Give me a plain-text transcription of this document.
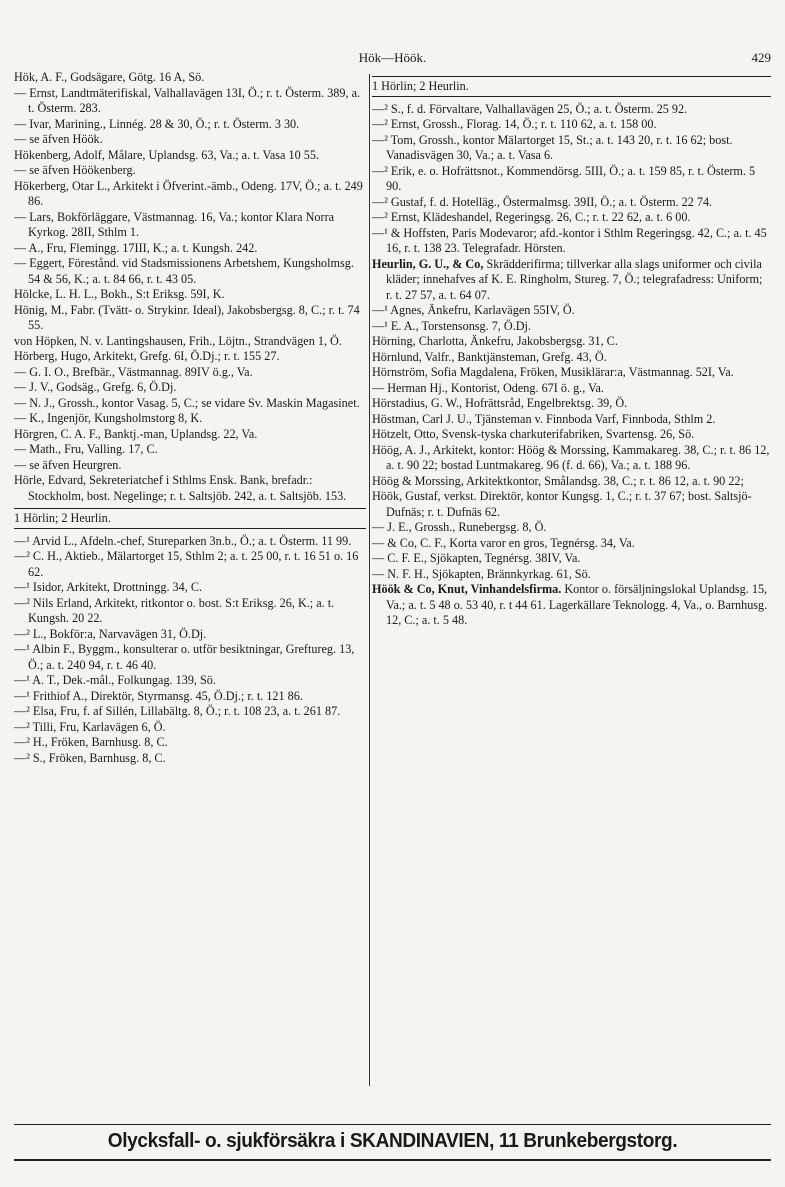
Hök—Höök.	429

Hök, A. F., Godsägare, Götg. 16 A, Sö.

— Ernst, Landtmäterifiskal, Valhallavägen 13I, Ö.; r. t. Österm. 389, a. t. Österm. 283.

— Ivar, Marining., Linnég. 28 & 30, Ö.; r. t. Österm. 3 30.

— se äfven Höök.

Hökenberg, Adolf, Målare, Uplandsg. 63, Va.; a. t. Vasa 10 55.

— se äfven Höökenberg.

Hökerberg, Otar L., Arkitekt i Öfverint.-ämb., Odeng. 17V, Ö.; a. t. 249 86.

— Lars, Bokförläggare, Västmannag. 16, Va.; kontor Klara Norra Kyrkog. 28II, Sthlm 1.

— A., Fru, Flemingg. 17III, K.; a. t. Kungsh. 242.

— Eggert, Förestånd. vid Stadsmissionens Arbetshem, Kungsholmsg. 54 & 56, K.; a. t. 84 66, r. t. 43 05.

Hölcke, L. H. L., Bokh., S:t Eriksg. 59I, K.

Hönig, M., Fabr. (Tvätt- o. Strykinr. Ideal), Jakobsbergsg. 8, C.; r. t. 74 55.

von Höpken, N. v. Lantingshausen, Frih., Löjtn., Strandvägen 1, Ö.

Hörberg, Hugo, Arkitekt, Grefg. 6I, Ö.Dj.; r. t. 155 27.

— G. I. O., Brefbär., Västmannag. 89IV ö.g., Va.

— J. V., Godsäg., Grefg. 6, Ö.Dj.

— N. J., Grossh., kontor Vasag. 5, C.; se vidare Sv. Maskin Magasinet.

— K., Ingenjör, Kungsholmstorg 8, K.

Hörgren, C. A. F., Banktj.-man, Uplandsg. 22, Va.

— Math., Fru, Valling. 17, C.

— se äfven Heurgren.

Hörle, Edvard, Sekreteriatchef i Sthlms Ensk. Bank, brefadr.: Stockholm, bost. Negelinge; r. t. Saltsjöb. 242, a. t. Saltsjöb. 153.

1 Hörlin; 2 Heurlin.

—¹ Arvid L., Afdeln.-chef, Stureparken 3n.b., Ö.; a. t. Österm. 11 99.

—² C. H., Aktieb., Mälartorget 15, Sthlm 2; a. t. 25 00, r. t. 16 51 o. 16 62.

—¹ Isidor, Arkitekt, Drottningg. 34, C.

—² Nils Erland, Arkitekt, ritkontor o. bost. S:t Eriksg. 26, K.; a. t. Kungsh. 20 22.

—² L., Bokför:a, Narvavägen 31, Ö.Dj.

—¹ Albin F., Byggm., konsulterar o. utför besiktningar, Greftureg. 13, Ö.; a. t. 240 94, r. t. 46 40.

—¹ A. T., Dek.-mål., Folkungag. 139, Sö.

—¹ Frithiof A., Direktör, Styrmansg. 45, Ö.Dj.; r. t. 121 86.

—² Elsa, Fru, f. af Sillén, Lillabältg. 8, Ö.; r. t. 108 23, a. t. 261 87.

—² Tilli, Fru, Karlavägen 6, Ö.

—² H., Fröken, Barnhusg. 8, C.

—² S., Fröken, Barnhusg. 8, C.

1 Hörlin; 2 Heurlin.

—² S., f. d. Förvaltare, Valhallavägen 25, Ö.; a. t. Österm. 25 92.

—² Ernst, Grossh., Florag. 14, Ö.; r. t. 110 62, a. t. 158 00.

—² Tom, Grossh., kontor Mälartorget 15, St.; a. t. 143 20, r. t. 16 62; bost. Vanadisvägen 30, Va.; a. t. Vasa 6.

—² Erik, e. o. Hofrättsnot., Kommendörsg. 5III, Ö.; a. t. 159 85, r. t. Österm. 5 90.

—² Gustaf, f. d. Hotelläg., Östermalmsg. 39II, Ö.; a. t. Österm. 22 74.

—² Ernst, Klädeshandel, Regeringsg. 26, C.; r. t. 22 62, a. t. 6 00.

—¹ & Hoffsten, Paris Modevaror; afd.-kontor i Sthlm Regeringsg. 42, C.; a. t. 45 16, r. t. 138 23. Telegrafadr. Hörsten.

Heurlin, G. U., & Co, Skrädderifirma; tillverkar alla slags uniformer och civila kläder; innehafves af K. E. Ringholm, Stureg. 7, Ö.; telegrafadress: Uniform; r. t. 27 57, a. t. 64 07.

—¹ Agnes, Änkefru, Karlavägen 55IV, Ö.

—¹ E. A., Torstensonsg. 7, Ö.Dj.

Hörning, Charlotta, Änkefru, Jakobsbergsg. 31, C.

Hörnlund, Valfr., Banktjänsteman, Grefg. 43, Ö.

Hörnström, Sofia Magdalena, Fröken, Musiklärar:a, Västmannag. 52I, Va.

— Herman Hj., Kontorist, Odeng. 67I ö. g., Va.

Hörstadius, G. W., Hofrättsråd, Engelbrektsg. 39, Ö.

Höstman, Carl J. U., Tjänsteman v. Finnboda Varf, Finnboda, Sthlm 2.

Hötzelt, Otto, Svensk-tyska charkuterifabriken, Svartensg. 26, Sö.

Höög, A. J., Arkitekt, kontor: Höög & Morssing, Kammakareg. 38, C.; r. t. 86 12, a. t. 90 22; bostad Luntmakareg. 96 (f. d. 66), Va.; a. t. 188 96.

Höög & Morssing, Arkitektkontor, Smålandsg. 38, C.; r. t. 86 12, a. t. 90 22;

Höök, Gustaf, verkst. Direktör, kontor Kungsg. 1, C.; r. t. 37 67; bost. Saltsjö-Dufnäs; r. t. Dufnäs 62.

— J. E., Grossh., Runebergsg. 8, Ö.

— & Co, C. F., Korta varor en gros, Tegnérsg. 34, Va.

— C. F. E., Sjökapten, Tegnérsg. 38IV, Va.

— N. F. H., Sjökapten, Brännkyrkag. 61, Sö.

Höök & Co, Knut, Vinhandelsfirma. Kontor o. försäljningslokal Uplandsg. 15, Va.; a. t. 5 48 o. 53 40, r. t 44 61. Lagerkällare Teknologg. 4, Va., o. Barnhusg. 12, C.; a. t. 5 48.

Olycksfall- o. sjukförsäkra i SKANDINAVIEN, 11 Brunkebergstorg.
